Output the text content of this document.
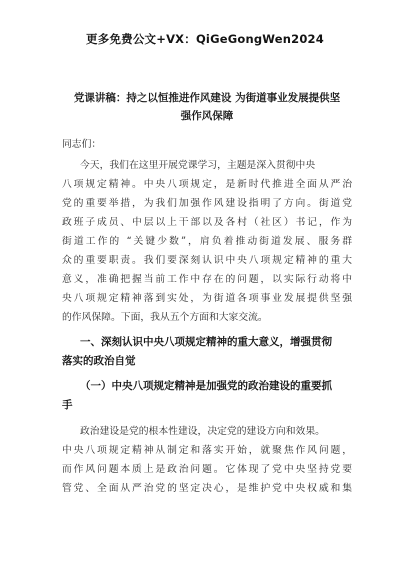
更多免费公文+VX：QiGeGongWen2024
党课讲稿：持之以恒推进作风建设 为街道事业发展提供坚
强作风保障
同志们：
今天，我们在这里开展党课学习，主题是深入贯彻中央
八项规定精神。中央八项规定，是新时代推进全面从严治
党的重要举措，为我们加强作风建设指明了方向。街道党
政班子成员、中层以上干部以及各村（社区）书记，作为
街道工作的 “关键少数”，肩负着推动街道发展、服务群
众的重要职责。我们要深刻认识中央八项规定精神的重大
意义，准确把握当前工作中存在的问题，以实际行动将中
央八项规定精神落到实处，为街道各项事业发展提供坚强
的作风保障。下面，我从五个方面和大家交流。
一、深刻认识中央八项规定精神的重大意义，增强贯彻
落实的政治自觉
（一）中央八项规定精神是加强党的政治建设的重要抓
手
政治建设是党的根本性建设，决定党的建设方向和效果。
中央八项规定精神从制定和落实开始，就聚焦作风问题，
而作风问题本质上是政治问题。它体现了党中央坚持党要
管党、全面从严治党的坚定决心，是维护党中央权威和集
